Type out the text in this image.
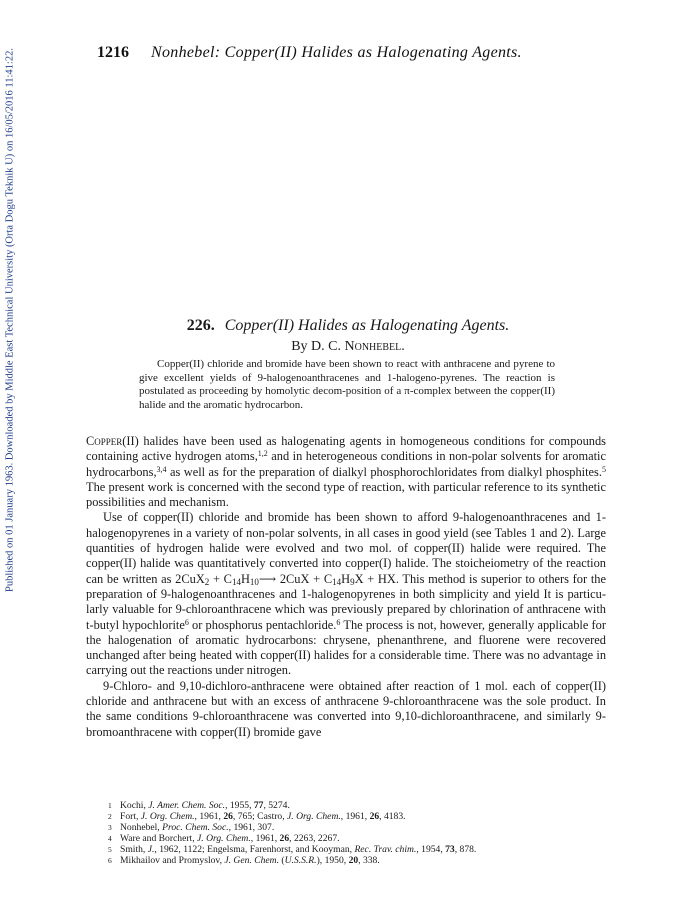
Published on 01 January 1963. Downloaded by Middle East Technical University (Orta Dogu Teknik U) on 16/05/2016 11:41:22.	1216 Nonhebel: Copper(II) Halides as Halogenating Agents.
226. Copper(II) Halides as Halogenating Agents.
By D. C. Nonhebel.
Copper(II) chloride and bromide have been shown to react with anthracene and pyrene to give excellent yields of 9-halogenoanthracenes and 1-halogeno-pyrenes. The reaction is postulated as proceeding by homolytic decom-position of a π-complex between the copper(II) halide and the aromatic hydrocarbon.

Copper(II) halides have been used as halogenating agents in homogeneous conditions for compounds containing active hydrogen atoms,$^{1,2}$ and in heterogeneous conditions in non-polar solvents for aromatic hydrocarbons,$^{3,4}$ as well as for the preparation of dialkyl phosphorochloridates from dialkyl phosphites.$^5$ The present work is concerned with the second type of reaction, with particular reference to its synthetic possibilities and mechanism.

Use of copper(II) chloride and bromide has been shown to afford 9-halogenoanthracenes and 1-halogenopyrenes in a variety of non-polar solvents, in all cases in good yield (see Tables 1 and 2). Large quantities of hydrogen halide were evolved and two mol. of copper(II) halide were required. The copper(II) halide was quantitatively converted into copper(I) halide. The stoicheiometry of the reaction can be written as $2CuX_2 + C_{14}H_{10}⟶$ $2CuX + C_{14}H_9X$ + HX. This method is superior to others for the preparation of 9-halogenoanthracenes and 1-halogenopyrenes in both simplicity and yield It is particu-larly valuable for 9-chloroanthracene which was previously prepared by chlorination of anthracene with t-butyl hypochlorite$^6$ or phosphorus pentachloride.$^6$ The process is not, however, generally applicable for the halogenation of aromatic hydrocarbons: chrysene, phenanthrene, and fluorene were recovered unchanged after being heated with copper(II) halides for a considerable time. There was no advantage in carrying out the reactions under nitrogen.

9-Chloro- and 9,10-dichloro-anthracene were obtained after reaction of 1 mol. each of copper(II) chloride and anthracene but with an excess of anthracene 9-chloroanthracene was the sole product. In the same conditions 9-chloroanthracene was converted into 9,10-dichloroanthracene, and similarly 9-bromoanthracene with copper(II) bromide gave

1 Kochi, J. Amer. Chem. Soc., 1955, 77, 5274.
2 Fort, J. Org. Chem., 1961, 26, 765; Castro, J. Org. Chem., 1961, 26, 4183.
3 Nonhebel, Proc. Chem. Soc., 1961, 307.
4 Ware and Borchert, J. Org. Chem., 1961, 26, 2263, 2267.
5 Smith, J., 1962, 1122; Engelsma, Farenhorst, and Kooyman, Rec. Trav. chim., 1954, 73, 878.
6 Mikhailov and Promyslov, J. Gen. Chem. (U.S.S.R.), 1950, 20, 338.
